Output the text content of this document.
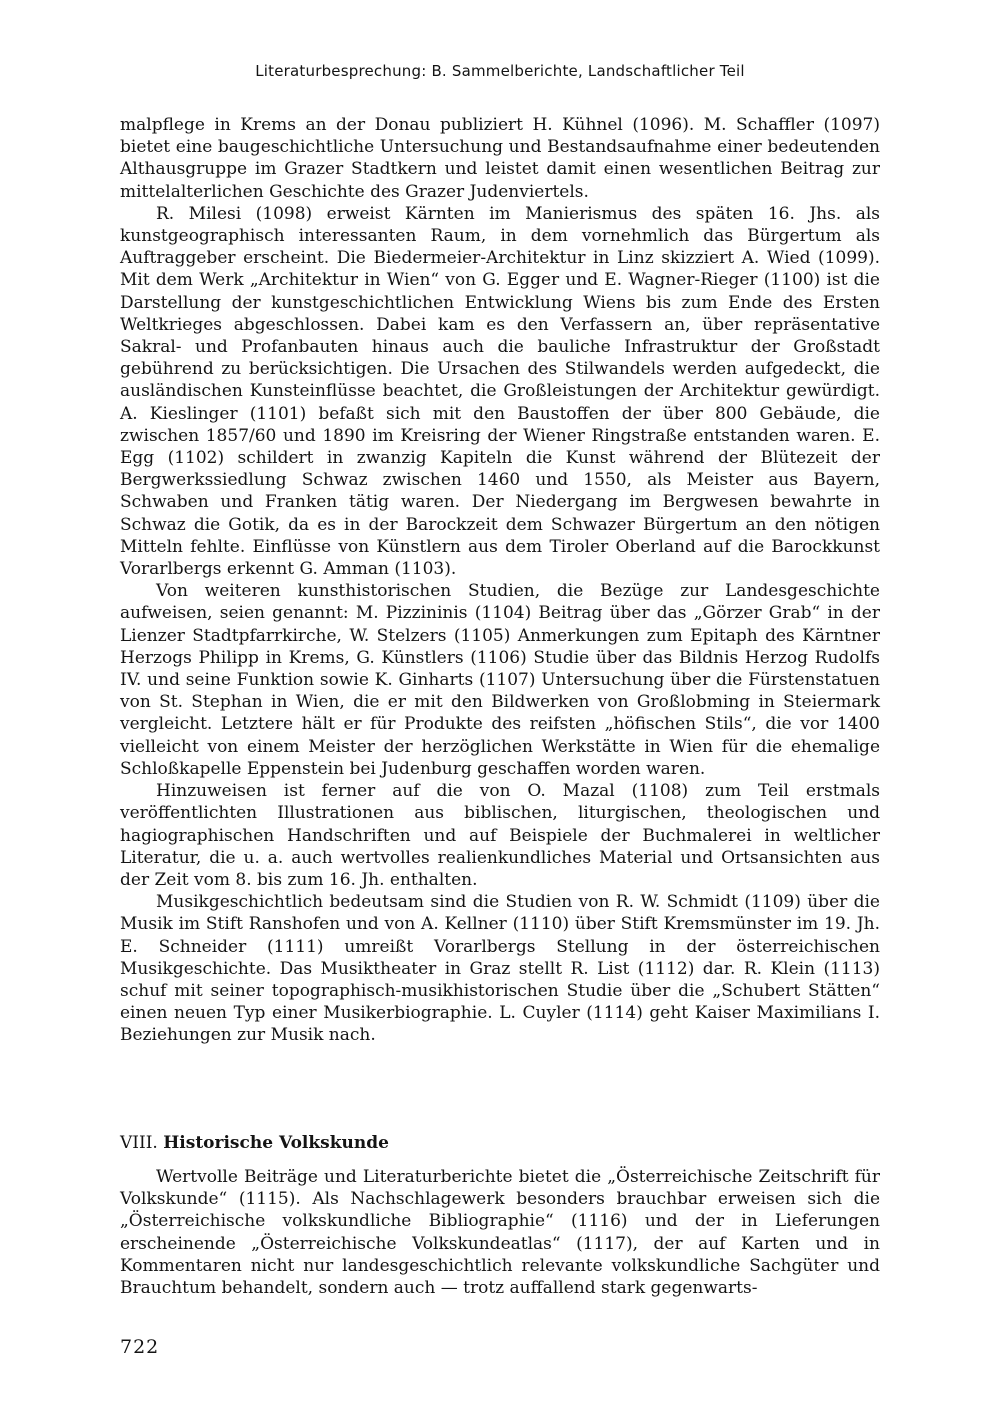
Literaturbesprechung: B. Sammelberichte, Landschaftlicher Teil

malpflege in Krems an der Donau publiziert H. Kühnel (1096). M. Schaffler (1097) bietet eine baugeschichtliche Untersuchung und Bestandsaufnahme einer bedeutenden Althausgruppe im Grazer Stadtkern und leistet damit einen wesentlichen Beitrag zur mittelalterlichen Geschichte des Grazer Judenviertels.

R. Milesi (1098) erweist Kärnten im Manierismus des späten 16. Jhs. als kunstgeographisch interessanten Raum, in dem vornehmlich das Bürgertum als Auftraggeber erscheint. Die Biedermeier-Architektur in Linz skizziert A. Wied (1099). Mit dem Werk „Architektur in Wien“ von G. Egger und E. Wagner-Rieger (1100) ist die Darstellung der kunstgeschichtlichen Entwicklung Wiens bis zum Ende des Ersten Weltkrieges abgeschlossen. Dabei kam es den Verfassern an, über repräsentative Sakral- und Profanbauten hinaus auch die bauliche Infrastruktur der Großstadt gebührend zu berücksichtigen. Die Ursachen des Stilwandels werden aufgedeckt, die ausländischen Kunsteinflüsse beachtet, die Großleistungen der Architektur gewürdigt. A. Kieslinger (1101) befaßt sich mit den Baustoffen der über 800 Gebäude, die zwischen 1857/60 und 1890 im Kreisring der Wiener Ringstraße entstanden waren. E. Egg (1102) schildert in zwanzig Kapiteln die Kunst während der Blütezeit der Bergwerkssiedlung Schwaz zwischen 1460 und 1550, als Meister aus Bayern, Schwaben und Franken tätig waren. Der Niedergang im Bergwesen bewahrte in Schwaz die Gotik, da es in der Barockzeit dem Schwazer Bürgertum an den nötigen Mitteln fehlte. Einflüsse von Künstlern aus dem Tiroler Oberland auf die Barockkunst Vorarlbergs erkennt G. Amman (1103).

Von weiteren kunsthistorischen Studien, die Bezüge zur Landesgeschichte aufweisen, seien genannt: M. Pizzininis (1104) Beitrag über das „Görzer Grab“ in der Lienzer Stadtpfarrkirche, W. Stelzers (1105) Anmerkungen zum Epitaph des Kärntner Herzogs Philipp in Krems, G. Künstlers (1106) Studie über das Bildnis Herzog Rudolfs IV. und seine Funktion sowie K. Ginharts (1107) Untersuchung über die Fürstenstatuen von St. Stephan in Wien, die er mit den Bildwerken von Großlobming in Steiermark vergleicht. Letztere hält er für Produkte des reifsten „höfischen Stils“, die vor 1400 vielleicht von einem Meister der herzöglichen Werkstätte in Wien für die ehemalige Schloßkapelle Eppenstein bei Judenburg geschaffen worden waren.

Hinzuweisen ist ferner auf die von O. Mazal (1108) zum Teil erstmals veröffentlichten Illustrationen aus biblischen, liturgischen, theologischen und hagiographischen Handschriften und auf Beispiele der Buchmalerei in weltlicher Literatur, die u. a. auch wertvolles realienkundliches Material und Ortsansichten aus der Zeit vom 8. bis zum 16. Jh. enthalten.

Musikgeschichtlich bedeutsam sind die Studien von R. W. Schmidt (1109) über die Musik im Stift Ranshofen und von A. Kellner (1110) über Stift Kremsmünster im 19. Jh. E. Schneider (1111) umreißt Vorarlbergs Stellung in der österreichischen Musikgeschichte. Das Musiktheater in Graz stellt R. List (1112) dar. R. Klein (1113) schuf mit seiner topographisch-musikhistorischen Studie über die „Schubert Stätten“ einen neuen Typ einer Musikerbiographie. L. Cuyler (1114) geht Kaiser Maximilians I. Beziehungen zur Musik nach.

VIII. Historische Volkskunde

Wertvolle Beiträge und Literaturberichte bietet die „Österreichische Zeitschrift für Volkskunde“ (1115). Als Nachschlagewerk besonders brauchbar erweisen sich die „Österreichische volkskundliche Bibliographie“ (1116) und der in Lieferungen erscheinende „Österreichische Volkskundeatlas“ (1117), der auf Karten und in Kommentaren nicht nur landesgeschichtlich relevante volkskundliche Sachgüter und Brauchtum behandelt, sondern auch — trotz auffallend stark gegenwarts-

722
